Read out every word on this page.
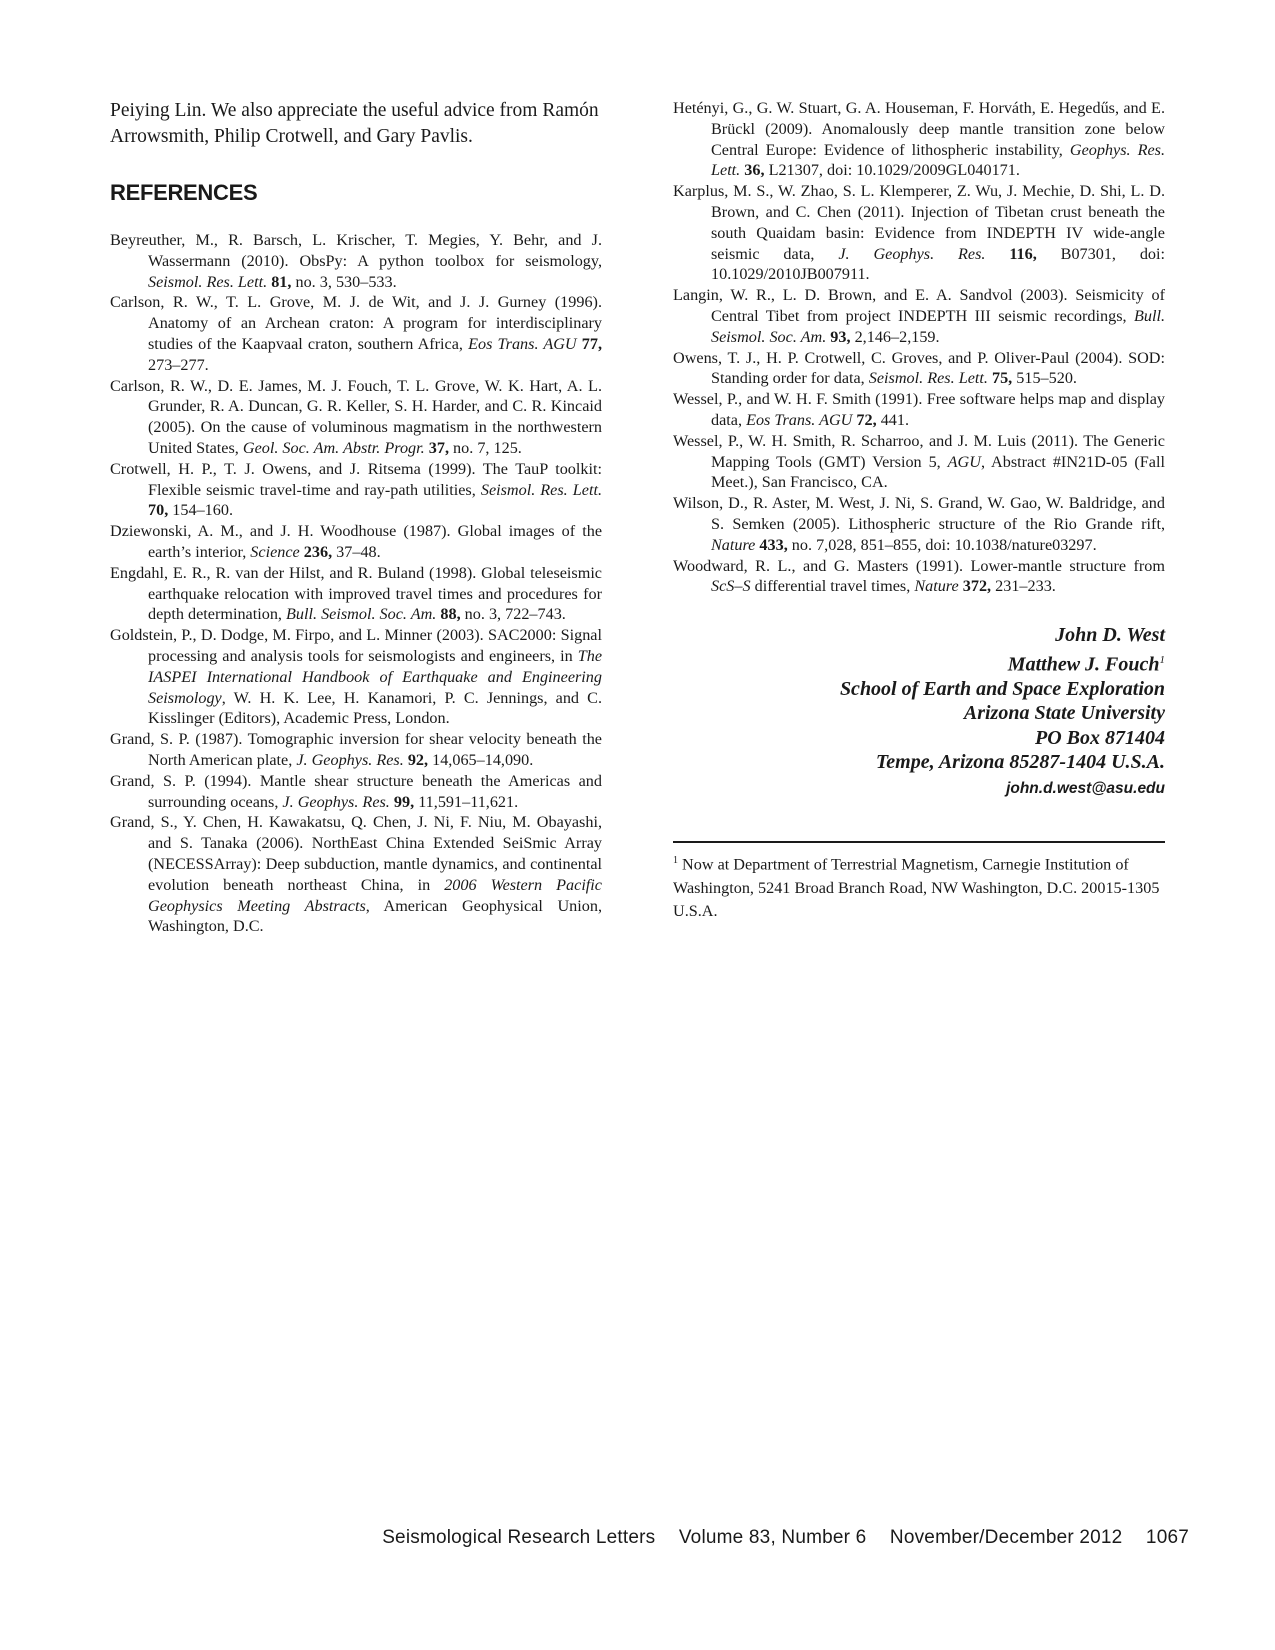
Peiying Lin. We also appreciate the useful advice from Ramón Arrowsmith, Philip Crotwell, and Gary Pavlis.

REFERENCES

Beyreuther, M., R. Barsch, L. Krischer, T. Megies, Y. Behr, and J. Wassermann (2010). ObsPy: A python toolbox for seismology, Seismol. Res. Lett. 81, no. 3, 530–533.

Carlson, R. W., T. L. Grove, M. J. de Wit, and J. J. Gurney (1996). Anatomy of an Archean craton: A program for interdisciplinary studies of the Kaapvaal craton, southern Africa, Eos Trans. AGU 77, 273–277.

Carlson, R. W., D. E. James, M. J. Fouch, T. L. Grove, W. K. Hart, A. L. Grunder, R. A. Duncan, G. R. Keller, S. H. Harder, and C. R. Kincaid (2005). On the cause of voluminous magmatism in the northwestern United States, Geol. Soc. Am. Abstr. Progr. 37, no. 7, 125.

Crotwell, H. P., T. J. Owens, and J. Ritsema (1999). The TauP toolkit: Flexible seismic travel-time and ray-path utilities, Seismol. Res. Lett. 70, 154–160.

Dziewonski, A. M., and J. H. Woodhouse (1987). Global images of the earth’s interior, Science 236, 37–48.

Engdahl, E. R., R. van der Hilst, and R. Buland (1998). Global teleseismic earthquake relocation with improved travel times and procedures for depth determination, Bull. Seismol. Soc. Am. 88, no. 3, 722–743.

Goldstein, P., D. Dodge, M. Firpo, and L. Minner (2003). SAC2000: Signal processing and analysis tools for seismologists and engineers, in The IASPEI International Handbook of Earthquake and Engineering Seismology, W. H. K. Lee, H. Kanamori, P. C. Jennings, and C. Kisslinger (Editors), Academic Press, London.

Grand, S. P. (1987). Tomographic inversion for shear velocity beneath the North American plate, J. Geophys. Res. 92, 14,065–14,090.

Grand, S. P. (1994). Mantle shear structure beneath the Americas and surrounding oceans, J. Geophys. Res. 99, 11,591–11,621.

Grand, S., Y. Chen, H. Kawakatsu, Q. Chen, J. Ni, F. Niu, M. Obayashi, and S. Tanaka (2006). NorthEast China Extended SeiSmic Array (NECESSArray): Deep subduction, mantle dynamics, and continental evolution beneath northeast China, in 2006 Western Pacific Geophysics Meeting Abstracts, American Geophysical Union, Washington, D.C.

Hetényi, G., G. W. Stuart, G. A. Houseman, F. Horváth, E. Hegedűs, and E. Brückl (2009). Anomalously deep mantle transition zone below Central Europe: Evidence of lithospheric instability, Geophys. Res. Lett. 36, L21307, doi: 10.1029/2009GL040171.

Karplus, M. S., W. Zhao, S. L. Klemperer, Z. Wu, J. Mechie, D. Shi, L. D. Brown, and C. Chen (2011). Injection of Tibetan crust beneath the south Quaidam basin: Evidence from INDEPTH IV wide-angle seismic data, J. Geophys. Res. 116, B07301, doi: 10.1029/2010JB007911.

Langin, W. R., L. D. Brown, and E. A. Sandvol (2003). Seismicity of Central Tibet from project INDEPTH III seismic recordings, Bull. Seismol. Soc. Am. 93, 2,146–2,159.

Owens, T. J., H. P. Crotwell, C. Groves, and P. Oliver-Paul (2004). SOD: Standing order for data, Seismol. Res. Lett. 75, 515–520.

Wessel, P., and W. H. F. Smith (1991). Free software helps map and display data, Eos Trans. AGU 72, 441.

Wessel, P., W. H. Smith, R. Scharroo, and J. M. Luis (2011). The Generic Mapping Tools (GMT) Version 5, AGU, Abstract #IN21D-05 (Fall Meet.), San Francisco, CA.

Wilson, D., R. Aster, M. West, J. Ni, S. Grand, W. Gao, W. Baldridge, and S. Semken (2005). Lithospheric structure of the Rio Grande rift, Nature 433, no. 7,028, 851–855, doi: 10.1038/nature03297.

Woodward, R. L., and G. Masters (1991). Lower-mantle structure from ScS–S differential travel times, Nature 372, 231–233.

John D. West
Matthew J. Fouch$^1$
School of Earth and Space Exploration
Arizona State University
PO Box 871404
Tempe, Arizona 85287-1404 U.S.A.
john.d.west@asu.edu
$^1$ Now at Department of Terrestrial Magnetism, Carnegie Institution of Washington, 5241 Broad Branch Road, NW Washington, D.C. 20015-1305 U.S.A.
Seismological Research Letters Volume 83, Number 6 November/December 2012 1067
